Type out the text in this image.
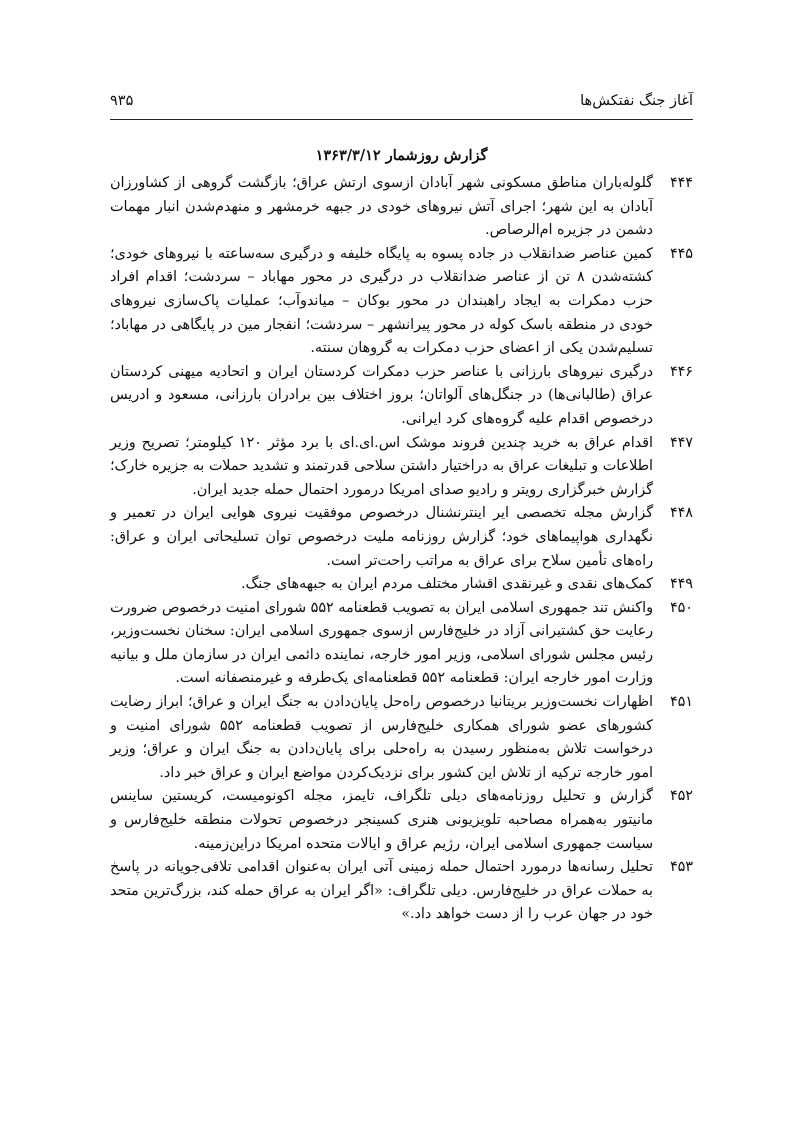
آغاز جنگ نفتکش‌ها
۹۳۵
گزارش روزشمار ۱۳۶۳/۳/۱۲
۴۴۴
گلوله‌باران مناطق مسکونی شهر آبادان ازسوی ارتش عراق؛ بازگشت گروهی از کشاورزان آبادان به این شهر؛ اجرای آتش نیروهای خودی در جبهه خرمشهر و منهدم‌شدن انبار مهمات دشمن در جزیره ام‌الرصاص.
۴۴۵
کمین عناصر ضدانقلاب در جاده پسوه به پایگاه خلیفه و درگیری سه‌ساعته با نیروهای خودی؛ کشته‌شدن ۸ تن از عناصر ضدانقلاب در درگیری در محور مهاباد – سردشت؛ اقدام افراد حزب دمکرات به ایجاد راهبندان در محور بوکان – میاندوآب؛ عملیات پاک‌سازی نیروهای خودی در منطقه باسک کوله در محور پیرانشهر – سردشت؛ انفجار مین در پایگاهی در مهاباد؛ تسلیم‌شدن یکی از اعضای حزب دمکرات به گروهان سنته.
۴۴۶
درگیری نیروهای بارزانی با عناصر حزب دمکرات کردستان ایران و اتحادیه میهنی کردستان عراق (طالبانی‌ها) در جنگل‌های آلواتان؛ بروز اختلاف بین برادران بارزانی، مسعود و ادریس درخصوص اقدام علیه گروه‌های کرد ایرانی.
۴۴۷
اقدام عراق به خرید چندین فروند موشک اس.ای.ای با برد مؤثر ۱۲۰ کیلومتر؛ تصریح وزیر اطلاعات و تبلیغات عراق به دراختیار داشتن سلاحی قدرتمند و تشدید حملات به جزیره خارک؛ گزارش خبرگزاری رویتر و رادیو صدای امریکا درمورد احتمال حمله جدید ایران.
۴۴۸
گزارش مجله تخصصی ایر اینترنشنال درخصوص موفقیت نیروی هوایی ایران در تعمیر و نگهداری هواپیماهای خود؛ گزارش روزنامه ملیت درخصوص توان تسلیحاتی ایران و عراق: راه‌های تأمین سلاح برای عراق به مراتب راحت‌تر است.
۴۴۹
کمک‌های نقدی و غیرنقدی اقشار مختلف مردم ایران به جبهه‌های جنگ.
۴۵۰
واکنش تند جمهوری اسلامی ایران به تصویب قطعنامه ۵۵۲ شورای امنیت درخصوص ضرورت رعایت حق کشتیرانی آزاد در خلیج‌فارس ازسوی جمهوری اسلامی ایران: سخنان نخست‌وزیر، رئیس مجلس شورای اسلامی، وزیر امور خارجه، نماینده دائمی ایران در سازمان ملل و بیانیه وزارت امور خارجه ایران: قطعنامه ۵۵۲ قطعنامه‌ای یک‌طرفه و غیرمنصفانه است.
۴۵۱
اظهارات نخست‌وزیر بریتانیا درخصوص راه‌حل پایان‌دادن به جنگ ایران و عراق؛ ابراز رضایت کشورهای عضو شورای همکاری خلیج‌فارس از تصویب قطعنامه ۵۵۲ شورای امنیت و درخواست تلاش به‌منظور رسیدن به راه‌حلی برای پایان‌دادن به جنگ ایران و عراق؛ وزیر امور خارجه ترکیه از تلاش این کشور برای نزدیک‌کردن مواضع ایران و عراق خبر داد.
۴۵۲
گزارش و تحلیل روزنامه‌های دیلی تلگراف، تایمز، مجله اکونومیست، کریستین ساینس مانیتور به‌همراه مصاحبه تلویزیونی هنری کسینجر درخصوص تحولات منطقه خلیج‌فارس و سیاست جمهوری اسلامی ایران، رژیم عراق و ایالات متحده امریکا دراین‌زمینه.
۴۵۳
تحلیل رسانه‌ها درمورد احتمال حمله زمینی آتی ایران به‌عنوان اقدامی تلافی‌جویانه در پاسخ به حملات عراق در خلیج‌فارس. دیلی تلگراف: «اگر ایران به عراق حمله کند، بزرگ‌ترین متحد خود در جهان عرب را از دست خواهد داد.»
